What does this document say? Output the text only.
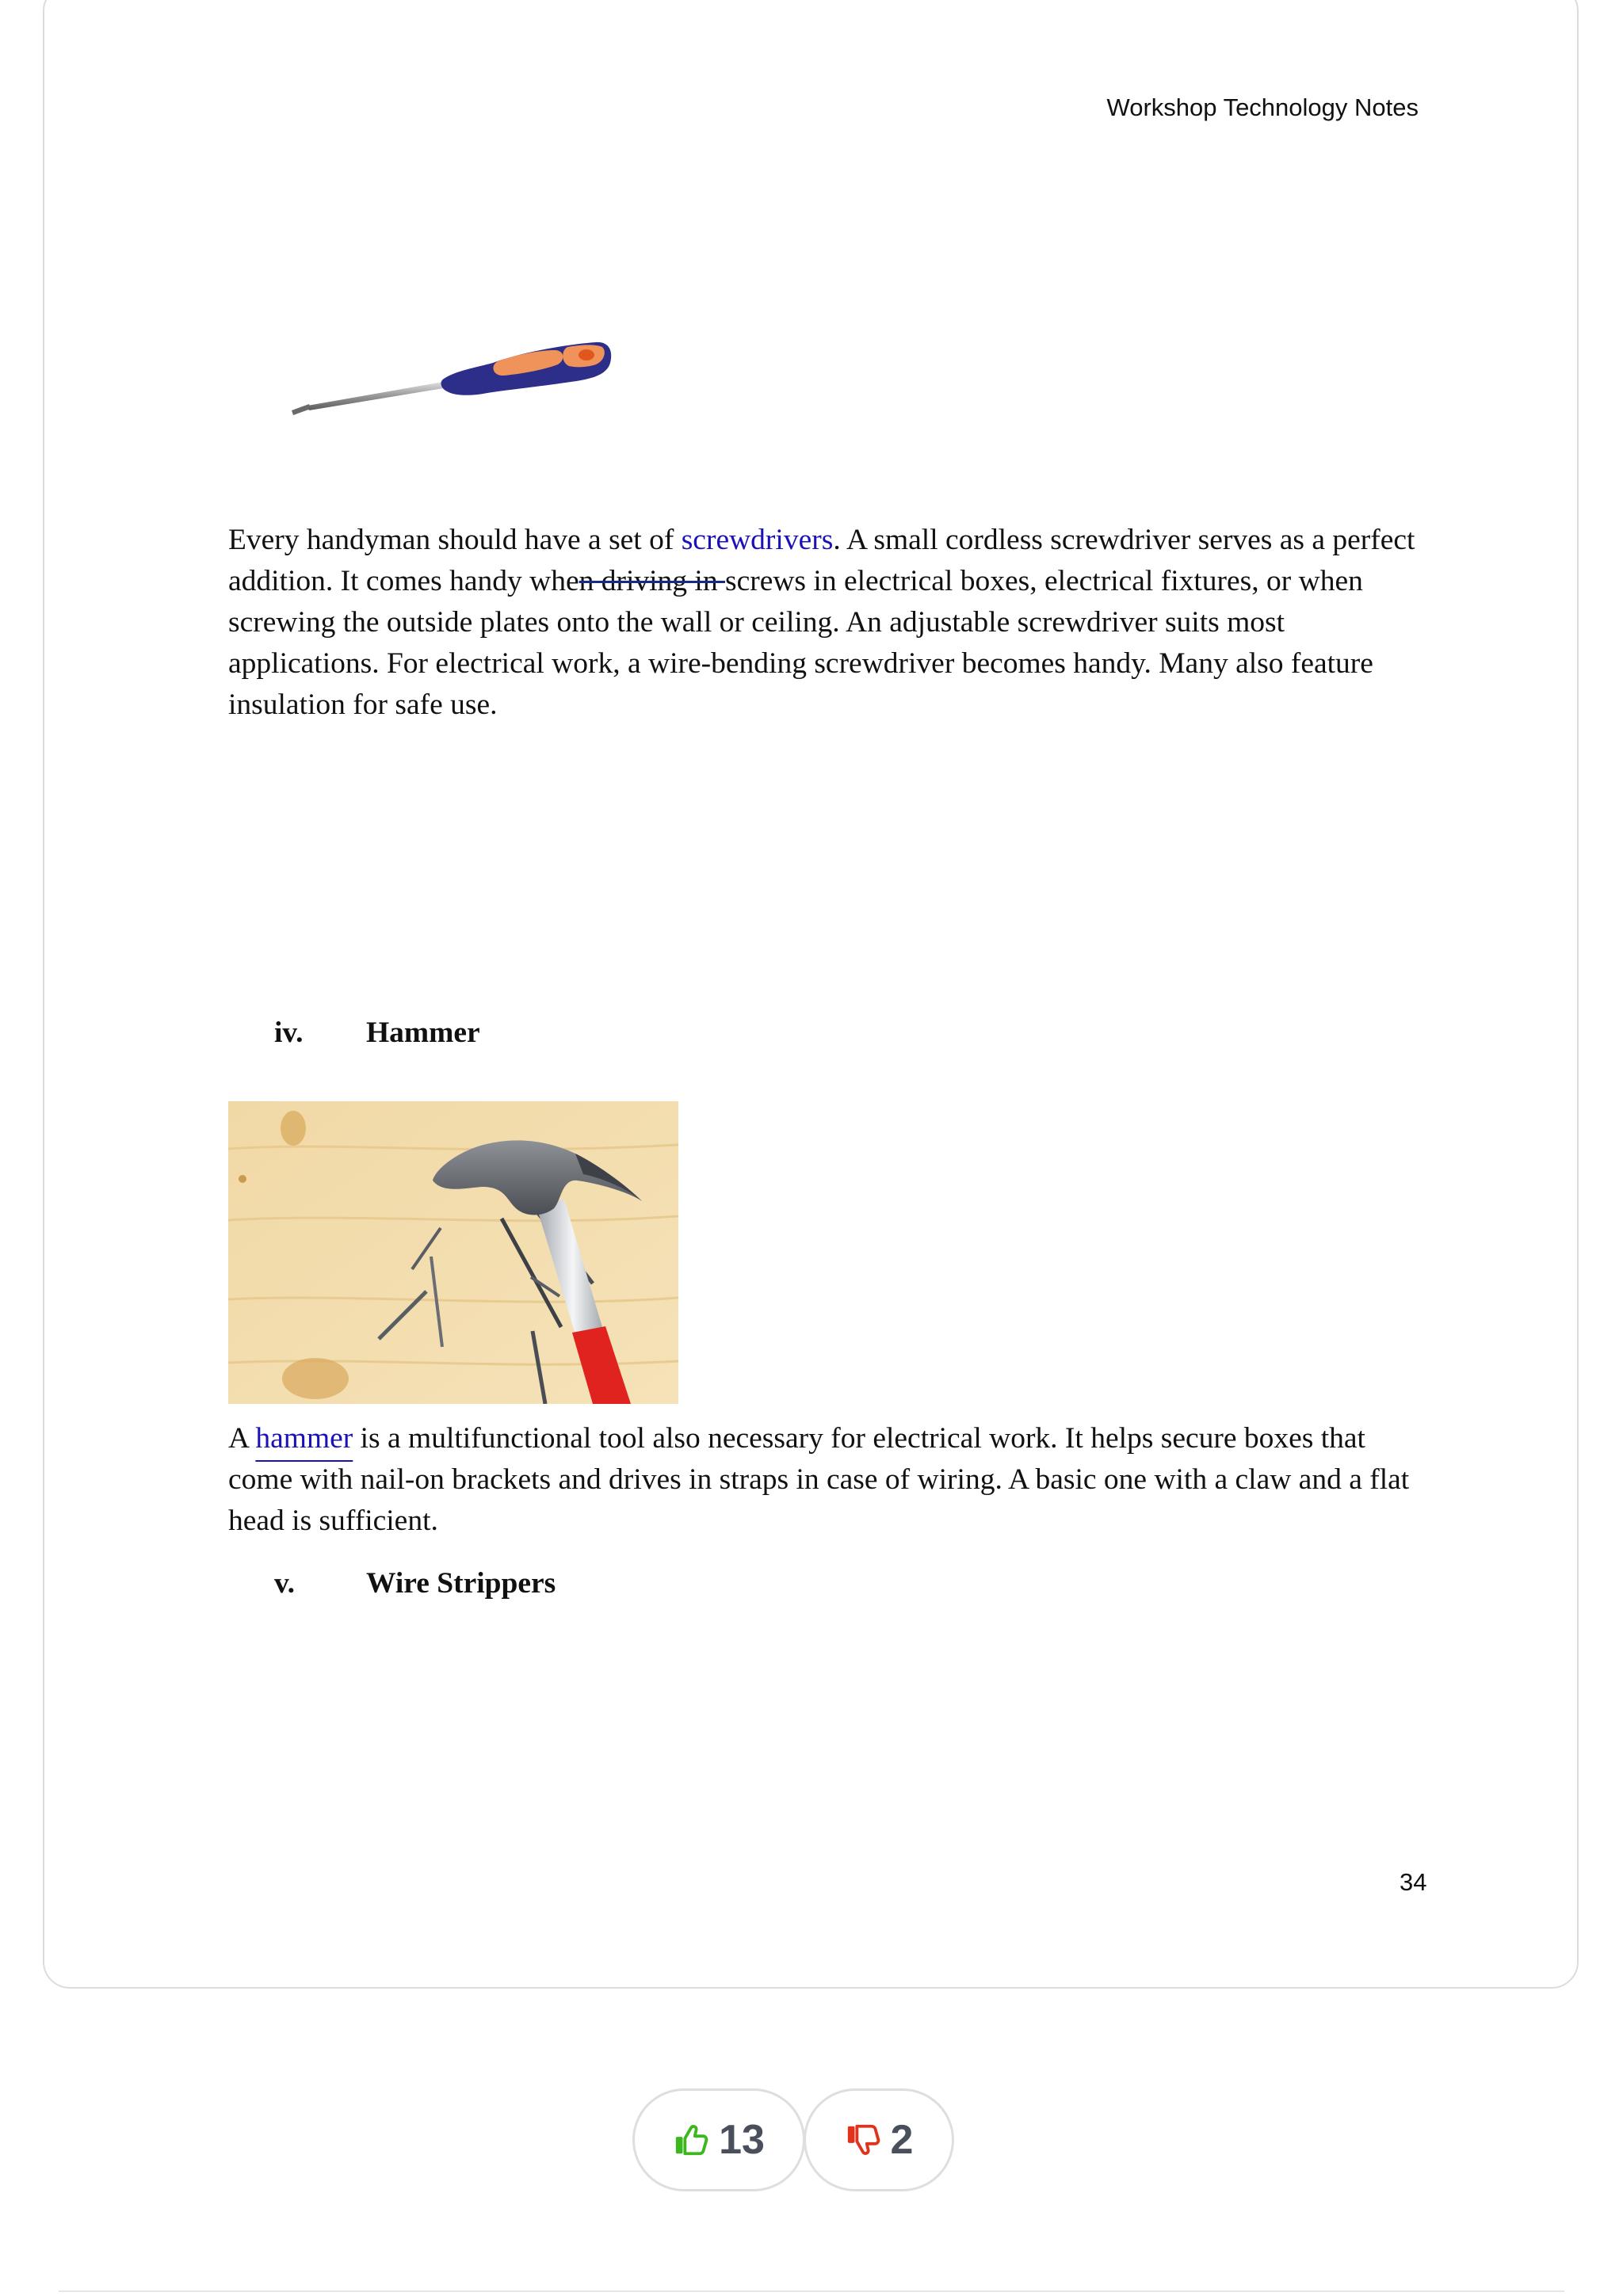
Workshop Technology Notes

Every handyman should have a set of screwdrivers. A small cordless screwdriver serves as a perfect addition. It comes handy when driving in screws in electrical boxes, electrical fixtures, or when screwing the outside plates onto the wall or ceiling. An adjustable screwdriver suits most applications. For electrical work, a wire-bending screwdriver becomes handy. Many also feature insulation for safe use.

iv. Hammer

A hammer is a multifunctional tool also necessary for electrical work. It helps secure boxes that come with nail-on brackets and drives in straps in case of wiring. A basic one with a claw and a flat head is sufficient.

v. Wire Strippers
34
13	2
